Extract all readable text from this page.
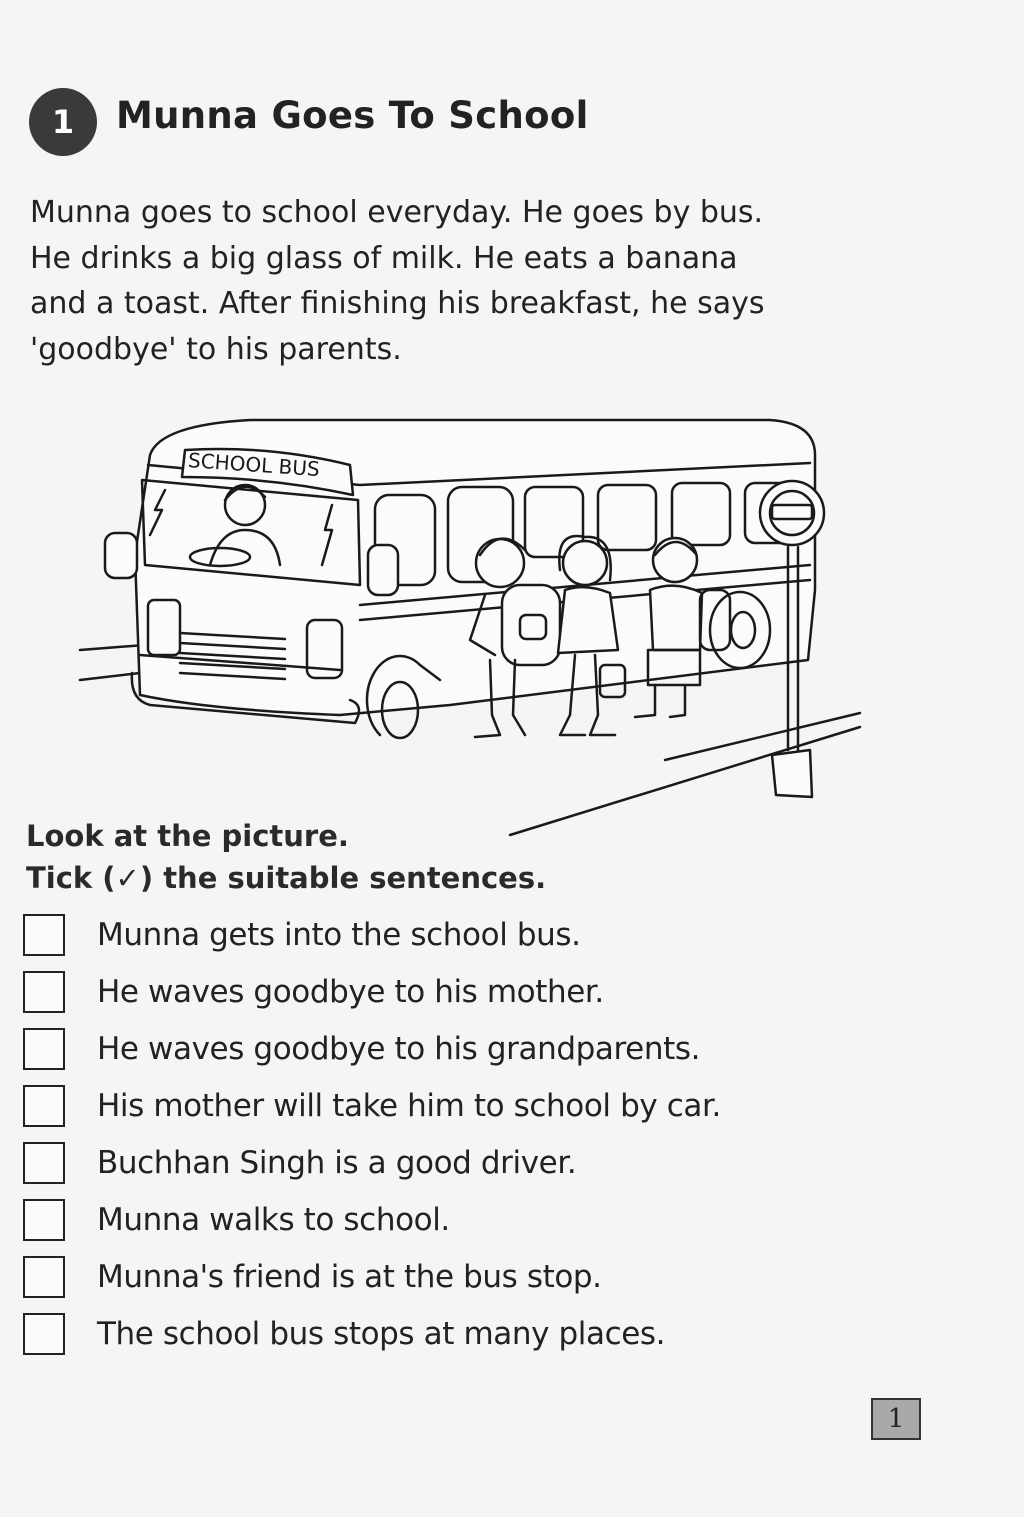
1	Munna Goes To School
Munna goes to school everyday. He goes by bus.
He drinks a big glass of milk. He eats a banana
and a toast. After finishing his breakfast, he says
'goodbye' to his parents.
SCHOOL BUS
Look at the picture.
Tick (✓) the suitable sentences.
Munna gets into the school bus.
He waves goodbye to his mother.
He waves goodbye to his grandparents.
His mother will take him to school by car.
Buchhan Singh is a good driver.
Munna walks to school.
Munna's friend is at the bus stop.
The school bus stops at many places.
1
